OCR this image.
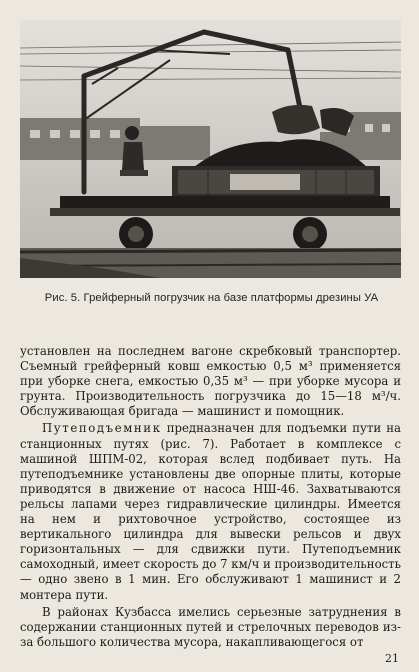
Рис. 5. Грейферный погрузчик на базе платформы дрезины УА

установлен на последнем вагоне скребковый транспортер. Съемный грейферный ковш емкостью 0,5 м³ применяется при уборке снега, емкостью 0,35 м³ — при уборке мусора и грунта. Производительность погрузчика до 15—18 м³/ч. Обслуживающая бригада — машинист и помощник.

Путеподъемник предназначен для подъемки пути на станционных путях (рис. 7). Работает в комплексе с машиной ШПМ-02, которая вслед подбивает путь. На путеподъемнике установлены две опорные плиты, которые приводятся в движение от насоса НШ-46. Захватываются рельсы лапами через гидравлические цилиндры. Имеется на нем и рихтовочное устройство, состоящее из вертикального цилиндра для вывески рельсов и двух горизонтальных — для сдвижки пути. Путеподъемник самоходный, имеет скорость до 7 км/ч и производительность — одно звено в 1 мин. Его обслуживают 1 машинист и 2 монтера пути.

В районах Кузбасса имелись серьезные затруднения в содержании станционных путей и стрелочных переводов из-за большого количества мусора, накапливающегося от

21
